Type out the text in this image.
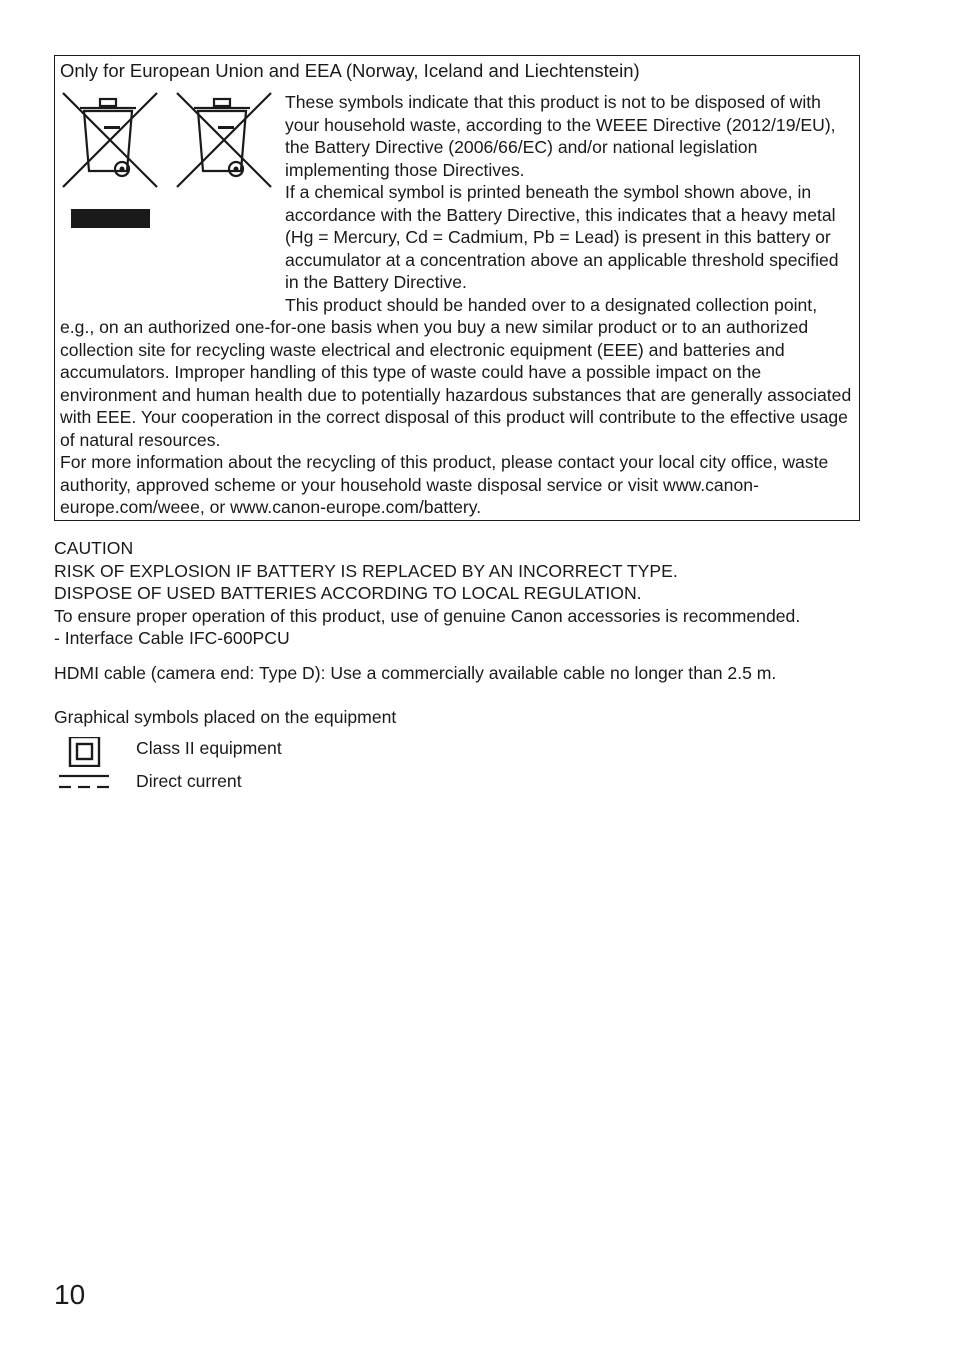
Only for European Union and EEA (Norway, Iceland and Liechtenstein)

These symbols indicate that this product is not to be disposed of with your household waste, according to the WEEE Directive (2012/19/EU), the Battery Directive (2006/66/EC) and/or national legislation implementing those Directives.

If a chemical symbol is printed beneath the symbol shown above, in accordance with the Battery Directive, this indicates that a heavy metal (Hg = Mercury, Cd = Cadmium, Pb = Lead) is present in this battery or accumulator at a concentration above an applicable threshold specified in the Battery Directive.

This product should be handed over to a designated collection point, e.g., on an authorized one-for-one basis when you buy a new similar product or to an authorized collection site for recycling waste electrical and electronic equipment (EEE) and batteries and accumulators. Improper handling of this type of waste could have a possible impact on the environment and human health due to potentially hazardous substances that are generally associated with EEE. Your cooperation in the correct disposal of this product will contribute to the effective usage of natural resources.

For more information about the recycling of this product, please contact your local city office, waste authority, approved scheme or your household waste disposal service or visit www.canon-europe.com/weee, or www.canon-europe.com/battery.

CAUTION
RISK OF EXPLOSION IF BATTERY IS REPLACED BY AN INCORRECT TYPE.
DISPOSE OF USED BATTERIES ACCORDING TO LOCAL REGULATION.
To ensure proper operation of this product, use of genuine Canon accessories is recommended.
- Interface Cable IFC-600PCU
HDMI cable (camera end: Type D): Use a commercially available cable no longer than 2.5 m.
Graphical symbols placed on the equipment
Class II equipment
Direct current
10
